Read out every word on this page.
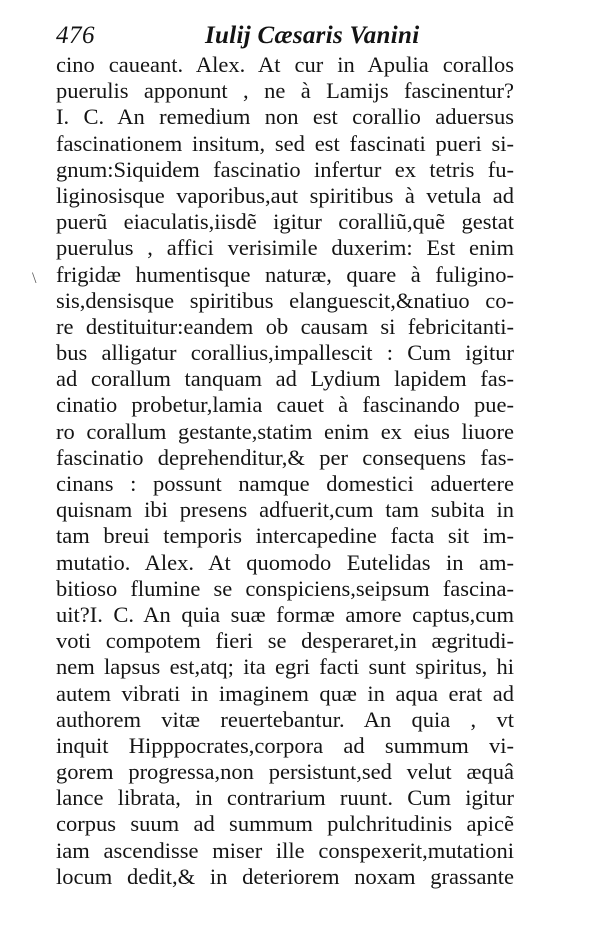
476	Iulij Cæsaris Vanini
\
cino caueant. Alex. At cur in Apulia corallos
puerulis apponunt , ne à Lamijs fascinentur?
I. C. An remedium non est corallio aduersus
fascinationem insitum, sed est fascinati pueri si-
gnum:Siquidem fascinatio infertur ex tetris fu-
liginosisque vaporibus,aut spiritibus à vetula ad
puerũ eiaculatis,iisdẽ igitur coralliũ,quẽ gestat
puerulus , affici verisimile duxerim: Est enim
frigidæ humentisque naturæ, quare à fuligino-
sis,densisque spiritibus elanguescit,&natiuo co-
re destituitur:eandem ob causam si febricitanti-
bus alligatur corallius,impallescit : Cum igitur
ad corallum tanquam ad Lydium lapidem fas-
cinatio probetur,lamia cauet à fascinando pue-
ro corallum gestante,statim enim ex eius liuore
fascinatio deprehenditur,& per consequens fas-
cinans : possunt namque domestici aduertere
quisnam ibi presens adfuerit,cum tam subita in
tam breui temporis intercapedine facta sit im-
mutatio. Alex. At quomodo Eutelidas in am-
bitioso flumine se conspiciens,seipsum fascina-
uit?I. C. An quia suæ formæ amore captus,cum
voti compotem fieri se desperaret,in ægritudi-
nem lapsus est,atq; ita egri facti sunt spiritus, hi
autem vibrati in imaginem quæ in aqua erat ad
authorem vitæ reuertebantur. An quia , vt
inquit Hipppocrates,corpora ad summum vi-
gorem progressa,non persistunt,sed velut æquâ
lance librata, in contrarium ruunt. Cum igitur
corpus suum ad summum pulchritudinis apicẽ
iam ascendisse miser ille conspexerit,mutationi
locum dedit,& in deteriorem noxam grassante
